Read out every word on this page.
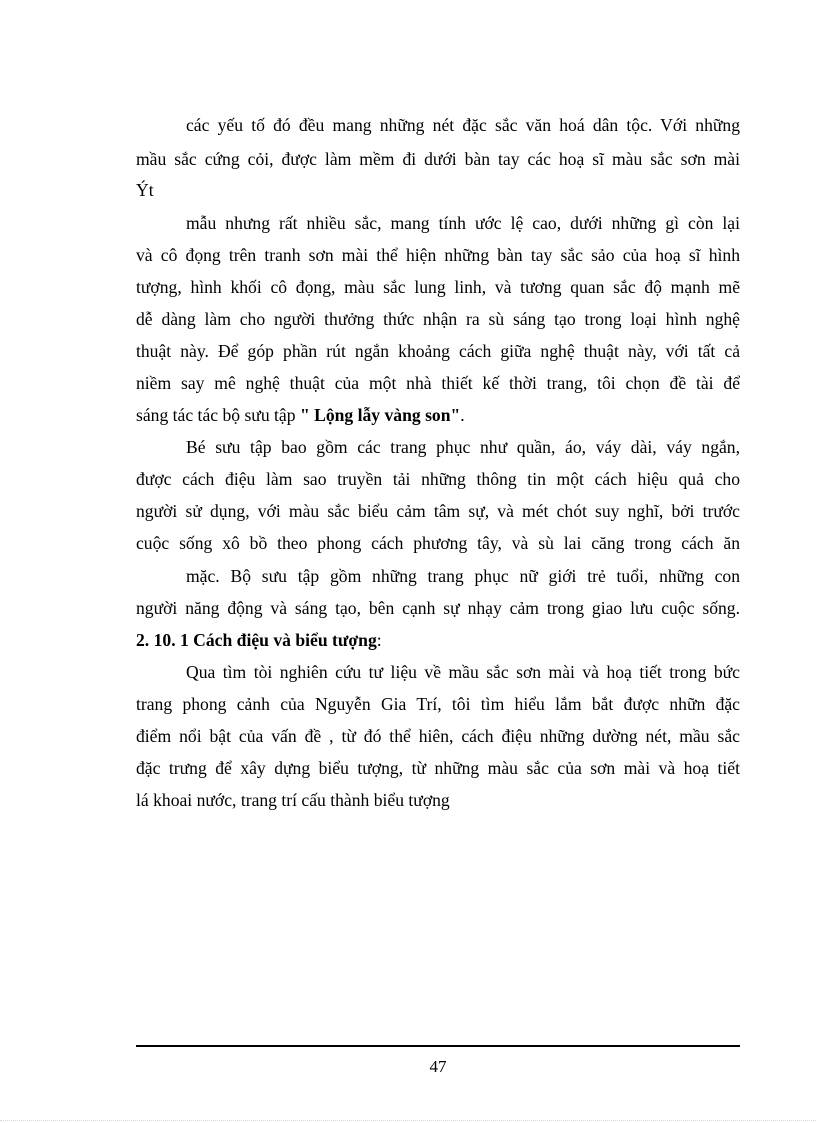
các yếu tố đó đều mang những nét đặc sắc văn hoá dân tộc. Với những
mầu sắc cứng cỏi, được làm mềm đi dưới bàn tay các hoạ sĩ màu sắc sơn mài
Ýt
mẫu nhưng rất nhiều sắc, mang tính ước lệ cao, dưới những gì còn lại
và cô đọng trên tranh sơn mài thể hiện những bàn tay sắc sảo của hoạ sĩ hình
tượng, hình khối cô đọng, màu sắc lung linh, và tương quan sắc độ mạnh mẽ
dễ dàng làm cho người thưởng thức nhận ra sù sáng tạo trong loại hình nghệ
thuật này. Để góp phần rút ngắn khoảng cách giữa nghệ thuật này, với tất cả
niềm say mê nghệ thuật của một nhà thiết kế thời trang, tôi chọn đề tài để
sáng tác tác bộ sưu tập " Lộng lẫy vàng son".
Bé sưu tập bao gồm các trang phục như quần, áo, váy dài, váy ngắn,
được cách điệu làm sao truyền tải những thông tin một cách hiệu quả cho
người sử dụng, với màu sắc biểu cảm tâm sự, và mét chót suy nghĩ, bởi trước
cuộc sống xô bồ theo phong cách phương tây, và sù lai căng trong cách ăn
mặc. Bộ sưu tập gồm những trang phục nữ giới trẻ tuổi, những con
người năng động và sáng tạo, bên cạnh sự nhạy cảm trong giao lưu cuộc sống.
2. 10. 1 Cách điệu và biểu tượng:
Qua tìm tòi nghiên cứu tư liệu về mầu sắc sơn mài và hoạ tiết trong bức
trang phong cảnh của Nguyễn Gia Trí, tôi tìm hiểu lắm bắt được nhữn đặc
điểm nổi bật của vấn đề , từ đó thể hiên, cách điệu những dường nét, mầu sắc
đặc trưng để xây dựng biểu tượng, từ những màu sắc của sơn mài và hoạ tiết
lá khoai nước, trang trí cấu thành biểu tượng
47
